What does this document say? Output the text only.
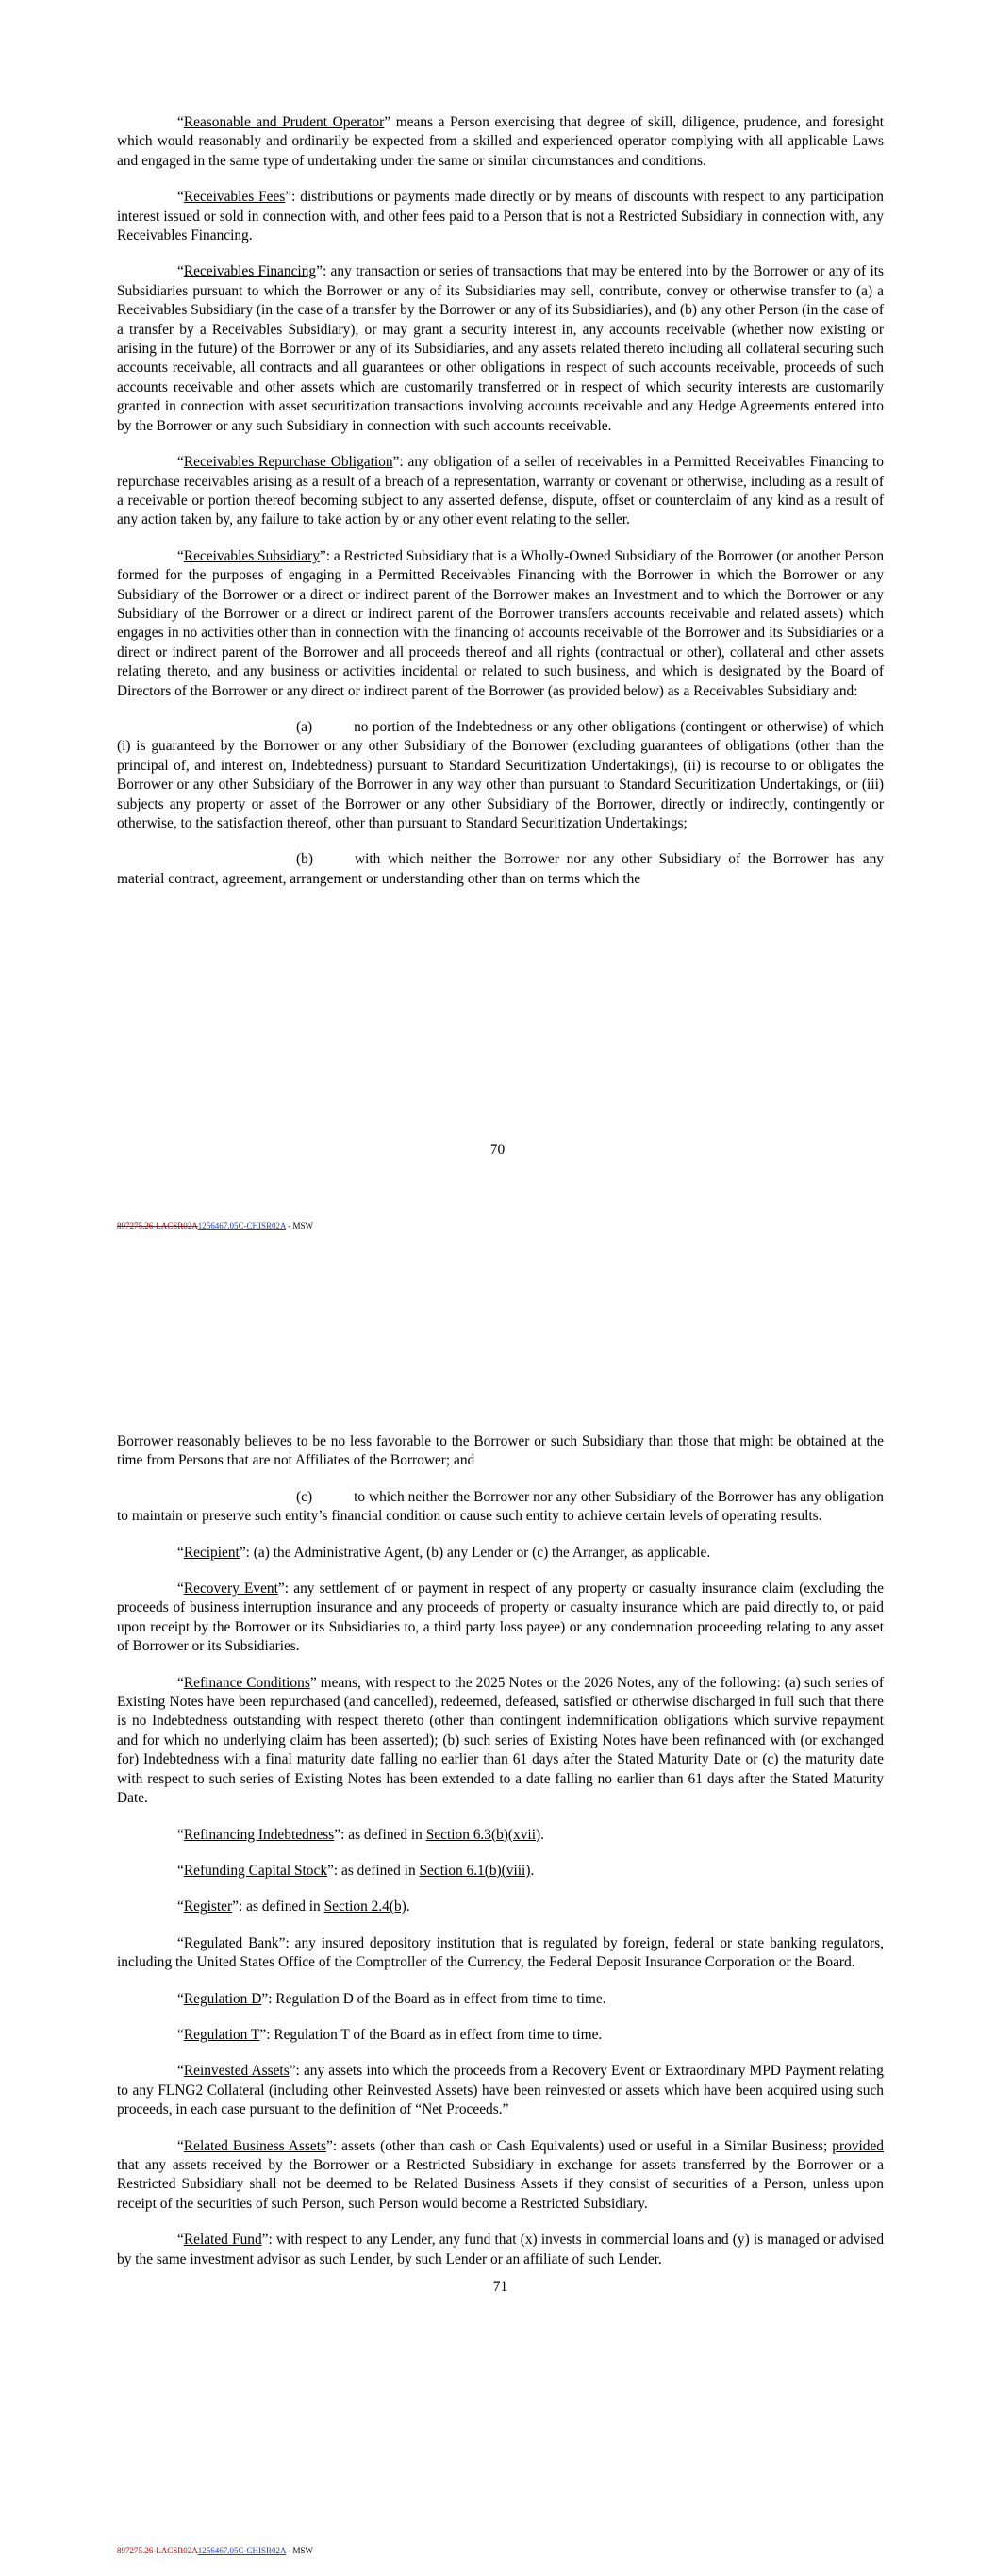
“Reasonable and Prudent Operator” means a Person exercising that degree of skill, diligence, prudence, and foresight which would reasonably and ordinarily be expected from a skilled and experienced operator complying with all applicable Laws and engaged in the same type of undertaking under the same or similar circumstances and conditions.

“Receivables Fees”: distributions or payments made directly or by means of discounts with respect to any participation interest issued or sold in connection with, and other fees paid to a Person that is not a Restricted Subsidiary in connection with, any Receivables Financing.

“Receivables Financing”: any transaction or series of transactions that may be entered into by the Borrower or any of its Subsidiaries pursuant to which the Borrower or any of its Subsidiaries may sell, contribute, convey or otherwise transfer to (a) a Receivables Subsidiary (in the case of a transfer by the Borrower or any of its Subsidiaries), and (b) any other Person (in the case of a transfer by a Receivables Subsidiary), or may grant a security interest in, any accounts receivable (whether now existing or arising in the future) of the Borrower or any of its Subsidiaries, and any assets related thereto including all collateral securing such accounts receivable, all contracts and all guarantees or other obligations in respect of such accounts receivable, proceeds of such accounts receivable and other assets which are customarily transferred or in respect of which security interests are customarily granted in connection with asset securitization transactions involving accounts receivable and any Hedge Agreements entered into by the Borrower or any such Subsidiary in connection with such accounts receivable.

“Receivables Repurchase Obligation”: any obligation of a seller of receivables in a Permitted Receivables Financing to repurchase receivables arising as a result of a breach of a representation, warranty or covenant or otherwise, including as a result of a receivable or portion thereof becoming subject to any asserted defense, dispute, offset or counterclaim of any kind as a result of any action taken by, any failure to take action by or any other event relating to the seller.

“Receivables Subsidiary”: a Restricted Subsidiary that is a Wholly-Owned Subsidiary of the Borrower (or another Person formed for the purposes of engaging in a Permitted Receivables Financing with the Borrower in which the Borrower or any Subsidiary of the Borrower or a direct or indirect parent of the Borrower makes an Investment and to which the Borrower or any Subsidiary of the Borrower or a direct or indirect parent of the Borrower transfers accounts receivable and related assets) which engages in no activities other than in connection with the financing of accounts receivable of the Borrower and its Subsidiaries or a direct or indirect parent of the Borrower and all proceeds thereof and all rights (contractual or other), collateral and other assets relating thereto, and any business or activities incidental or related to such business, and which is designated by the Board of Directors of the Borrower or any direct or indirect parent of the Borrower (as provided below) as a Receivables Subsidiary and:

(a)	no portion of the Indebtedness or any other obligations (contingent or otherwise) of which (i) is guaranteed by the Borrower or any other Subsidiary of the Borrower (excluding guarantees of obligations (other than the principal of, and interest on, Indebtedness) pursuant to Standard Securitization Undertakings), (ii) is recourse to or obligates the Borrower or any other Subsidiary of the Borrower in any way other than pursuant to Standard Securitization Undertakings, or (iii) subjects any property or asset of the Borrower or any other Subsidiary of the Borrower, directly or indirectly, contingently or otherwise, to the satisfaction thereof, other than pursuant to Standard Securitization Undertakings;

(b)	with which neither the Borrower nor any other Subsidiary of the Borrower has any material contract, agreement, arrangement or understanding other than on terms which the

70
897275.26-LACSR02A1256467.05C-CHISR02A - MSW

Borrower reasonably believes to be no less favorable to the Borrower or such Subsidiary than those that might be obtained at the time from Persons that are not Affiliates of the Borrower; and

(c)	to which neither the Borrower nor any other Subsidiary of the Borrower has any obligation to maintain or preserve such entity’s financial condition or cause such entity to achieve certain levels of operating results.

“Recipient”: (a) the Administrative Agent, (b) any Lender or (c) the Arranger, as applicable.

“Recovery Event”: any settlement of or payment in respect of any property or casualty insurance claim (excluding the proceeds of business interruption insurance and any proceeds of property or casualty insurance which are paid directly to, or paid upon receipt by the Borrower or its Subsidiaries to, a third party loss payee) or any condemnation proceeding relating to any asset of Borrower or its Subsidiaries.

“Refinance Conditions” means, with respect to the 2025 Notes or the 2026 Notes, any of the following: (a) such series of Existing Notes have been repurchased (and cancelled), redeemed, defeased, satisfied or otherwise discharged in full such that there is no Indebtedness outstanding with respect thereto (other than contingent indemnification obligations which survive repayment and for which no underlying claim has been asserted); (b) such series of Existing Notes have been refinanced with (or exchanged for) Indebtedness with a final maturity date falling no earlier than 61 days after the Stated Maturity Date or (c) the maturity date with respect to such series of Existing Notes has been extended to a date falling no earlier than 61 days after the Stated Maturity Date.

“Refinancing Indebtedness”: as defined in Section 6.3(b)(xvii).

“Refunding Capital Stock”: as defined in Section 6.1(b)(viii).

“Register”: as defined in Section 2.4(b).

“Regulated Bank”: any insured depository institution that is regulated by foreign, federal or state banking regulators, including the United States Office of the Comptroller of the Currency, the Federal Deposit Insurance Corporation or the Board.

“Regulation D”: Regulation D of the Board as in effect from time to time.

“Regulation T”: Regulation T of the Board as in effect from time to time.

“Reinvested Assets”: any assets into which the proceeds from a Recovery Event or Extraordinary MPD Payment relating to any FLNG2 Collateral (including other Reinvested Assets) have been reinvested or assets which have been acquired using such proceeds, in each case pursuant to the definition of “Net Proceeds.”

“Related Business Assets”: assets (other than cash or Cash Equivalents) used or useful in a Similar Business; provided that any assets received by the Borrower or a Restricted Subsidiary in exchange for assets transferred by the Borrower or a Restricted Subsidiary shall not be deemed to be Related Business Assets if they consist of securities of a Person, unless upon receipt of the securities of such Person, such Person would become a Restricted Subsidiary.

“Related Fund”: with respect to any Lender, any fund that (x) invests in commercial loans and (y) is managed or advised by the same investment advisor as such Lender, by such Lender or an affiliate of such Lender.

71
897275.26-LACSR02A1256467.05C-CHISR02A - MSW
